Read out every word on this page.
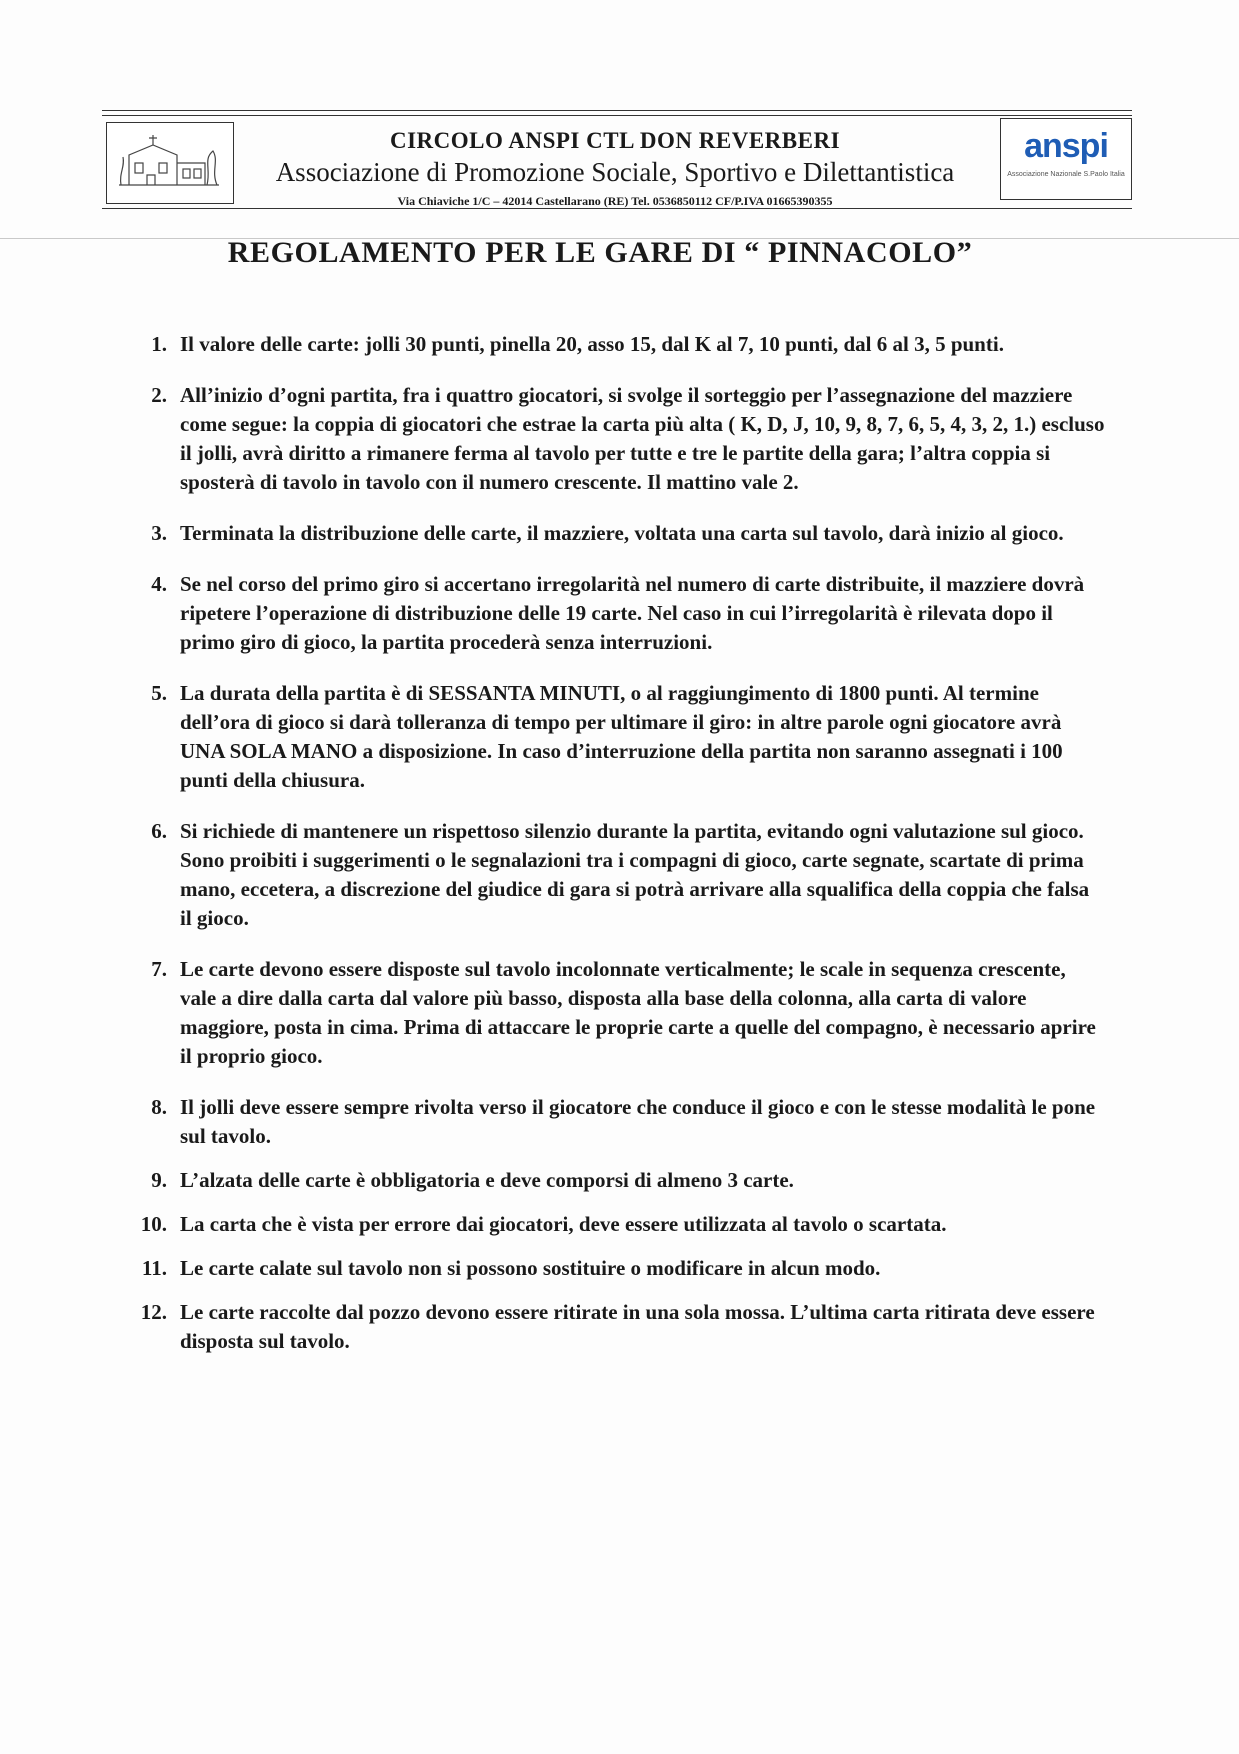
CIRCOLO ANSPI CTL DON REVERBERI
Associazione di Promozione Sociale, Sportivo e Dilettantistica
Via Chiaviche 1/C – 42014 Castellarano (RE) Tel. 0536850112 CF/P.IVA 01665390355
anspi
Associazione Nazionale S.Paolo Italia
REGOLAMENTO PER LE GARE DI “ PINNACOLO”
1. Il valore delle carte: jolli 30 punti, pinella 20, asso 15, dal K al 7, 10 punti, dal 6 al 3, 5 punti.
2. All’inizio d’ogni partita, fra i quattro giocatori, si svolge il sorteggio per l’assegnazione del mazziere come segue: la coppia di giocatori che estrae la carta più alta ( K, D, J, 10, 9, 8, 7, 6, 5, 4, 3, 2, 1.) escluso il jolli, avrà diritto a rimanere ferma al tavolo per tutte e tre le partite della gara; l’altra coppia si sposterà di tavolo in tavolo con il numero crescente. Il mattino vale 2.
3. Terminata la distribuzione delle carte, il mazziere, voltata una carta sul tavolo, darà inizio al gioco.
4. Se nel corso del primo giro si accertano irregolarità nel numero di carte distribuite, il mazziere dovrà ripetere l’operazione di distribuzione delle 19 carte. Nel caso in cui l’irregolarità è rilevata dopo il primo giro di gioco, la partita procederà senza interruzioni.
5. La durata della partita è di SESSANTA MINUTI, o al raggiungimento di 1800 punti. Al termine dell’ora di gioco si darà tolleranza di tempo per ultimare il giro: in altre parole ogni giocatore avrà UNA SOLA MANO a disposizione. In caso d’interruzione della partita non saranno assegnati i 100 punti della chiusura.
6. Si richiede di mantenere un rispettoso silenzio durante la partita, evitando ogni valutazione sul gioco. Sono proibiti i suggerimenti o le segnalazioni tra i compagni di gioco, carte segnate, scartate di prima mano, eccetera, a discrezione del giudice di gara si potrà arrivare alla squalifica della coppia che falsa il gioco.
7. Le carte devono essere disposte sul tavolo incolonnate verticalmente; le scale in sequenza crescente, vale a dire dalla carta dal valore più basso, disposta alla base della colonna, alla carta di valore maggiore, posta in cima. Prima di attaccare le proprie carte a quelle del compagno, è necessario aprire il proprio gioco.
8. Il jolli deve essere sempre rivolta verso il giocatore che conduce il gioco e con le stesse modalità le pone sul tavolo.
9. L’alzata delle carte è obbligatoria e deve comporsi di almeno 3 carte.
10. La carta che è vista per errore dai giocatori, deve essere utilizzata al tavolo o scartata.
11. Le carte calate sul tavolo non si possono sostituire o modificare in alcun modo.
12. Le carte raccolte dal pozzo devono essere ritirate in una sola mossa. L’ultima carta ritirata deve essere disposta sul tavolo.
